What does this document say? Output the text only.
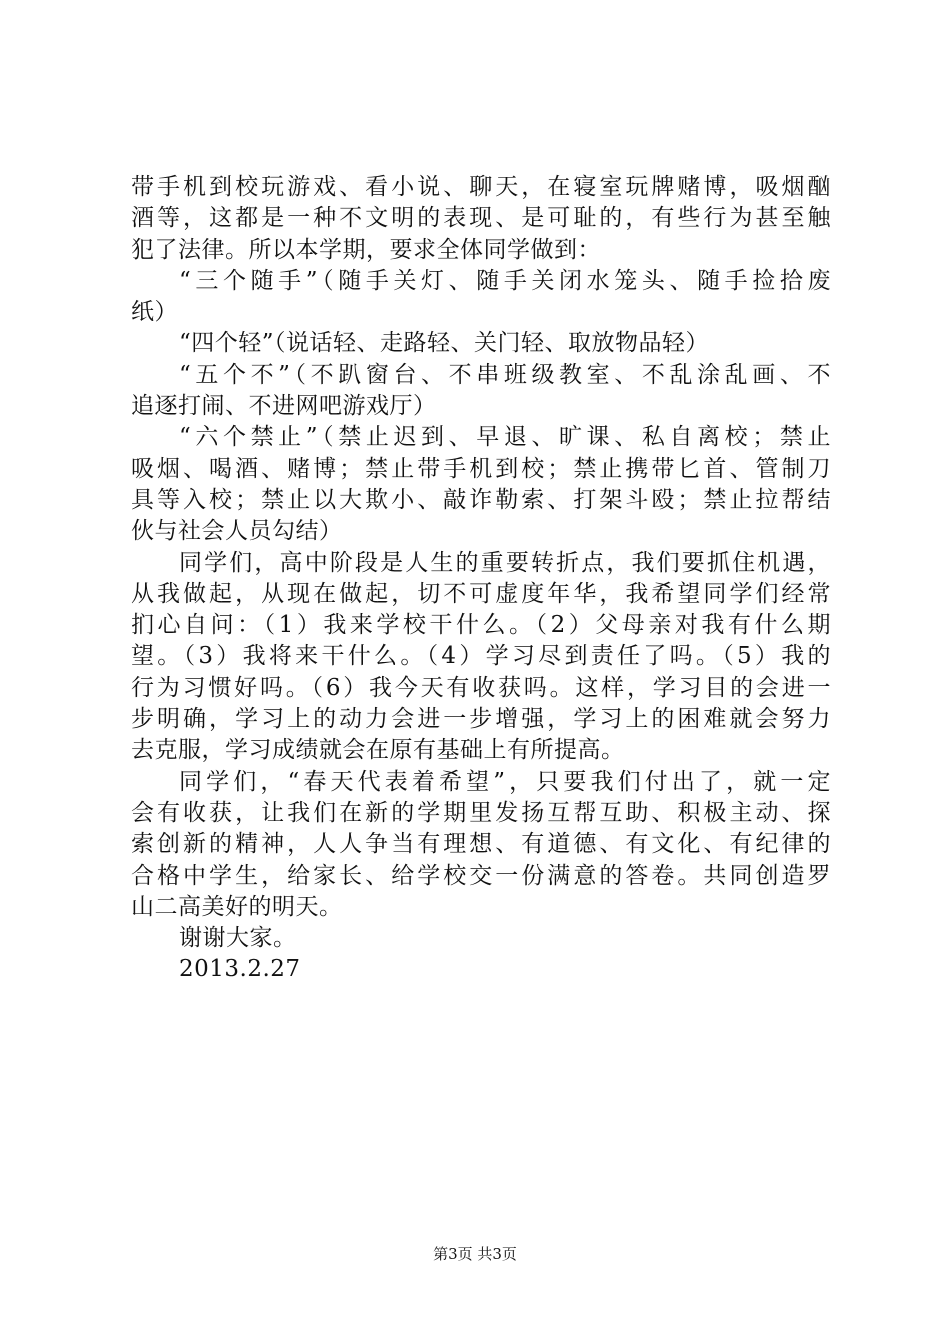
带手机到校玩游戏、看小说、聊天，在寝室玩牌赌博，吸烟酗
酒等，这都是一种不文明的表现、是可耻的，有些行为甚至触
犯了法律。所以本学期，要求全体同学做到：
“三个随手”（随手关灯、随手关闭水笼头、随手捡拾废
纸）
“四个轻”（说话轻、走路轻、关门轻、取放物品轻）
“五个不”（不趴窗台、不串班级教室、不乱涂乱画、不
追逐打闹、不进网吧游戏厅）
“六个禁止”（禁止迟到、早退、旷课、私自离校；禁止
吸烟、喝酒、赌博；禁止带手机到校；禁止携带匕首、管制刀
具等入校；禁止以大欺小、敲诈勒索、打架斗殴；禁止拉帮结
伙与社会人员勾结）
同学们，高中阶段是人生的重要转折点，我们要抓住机遇，
从我做起，从现在做起，切不可虚度年华，我希望同学们经常
扪心自问：（1）我来学校干什么。（2）父母亲对我有什么期
望。（3）我将来干什么。（4）学习尽到责任了吗。（5）我的
行为习惯好吗。（6）我今天有收获吗。这样，学习目的会进一
步明确，学习上的动力会进一步增强，学习上的困难就会努力
去克服，学习成绩就会在原有基础上有所提高。
同学们，“春天代表着希望”，只要我们付出了，就一定
会有收获，让我们在新的学期里发扬互帮互助、积极主动、探
索创新的精神，人人争当有理想、有道德、有文化、有纪律的
合格中学生，给家长、给学校交一份满意的答卷。共同创造罗
山二高美好的明天。
谢谢大家。
2013.2.27
第3页 共3页
